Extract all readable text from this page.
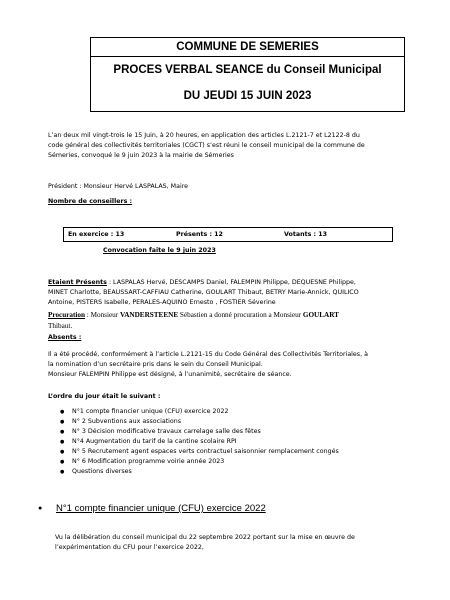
COMMUNE DE SEMERIES
PROCES VERBAL SEANCE du Conseil Municipal
DU JEUDI 15 JUIN 2023
L’an deux mil vingt-trois le 15 Juin, à 20 heures, en application des articles L.2121-7 et L2122-8 du
code général des collectivités territoriales (CGCT) s’est réuni le conseil municipal de la commune de
Sémeries, convoqué le 9 juin 2023 à la mairie de Sémeries
Président : Monsieur Hervé LASPALAS, Maire
Nombre de conseillers :
En exercice : 13	Présents : 12	Votants : 13
Convocation faite le 9 juin 2023
Etaient Présents : LASPALAS Hervé, DESCAMPS Daniel, FALEMPIN Philippe, DEQUESNE Philippe,
MINET Charlotte, BEAUSSART-CAFFIAU Catherine, GOULART Thibaut, BETRY Marie-Annick, QUILICO
Antoine, PISTERS Isabelle, PERALES-AQUINO Ernesto , FOSTIER Séverine
Procuration : Monsieur VANDERSTEENE Sébastien a donné procuration a Monsieur GOULART
Thibaut.
Absents :
Il a été procédé, conformément à l’article L.2121-15 du Code Général des Collectivités Territoriales, à
la nomination d’un secrétaire pris dans le sein du Conseil Municipal.
Monsieur FALEMPIN Philippe est désigné, à l’unanimité, secrétaire de séance.
L’ordre du jour était le suivant :
● N°1 compte financier unique (CFU) exercice 2022
● N° 2 Subventions aux associations
● N° 3 Décision modificative travaux carrelage salle des fêtes
● N°4 Augmentation du tarif de la cantine scolaire RPI
● N° 5 Recrutement agent espaces verts contractuel saisonnier remplacement congés
● N° 6 Modification programme voirie année 2023
● Questions diverses
● N°1 compte financier unique (CFU) exercice 2022
Vu la délibération du conseil municipal du 22 septembre 2022 portant sur la mise en œuvre de
l’expérimentation du CFU pour l’exercice 2022,
